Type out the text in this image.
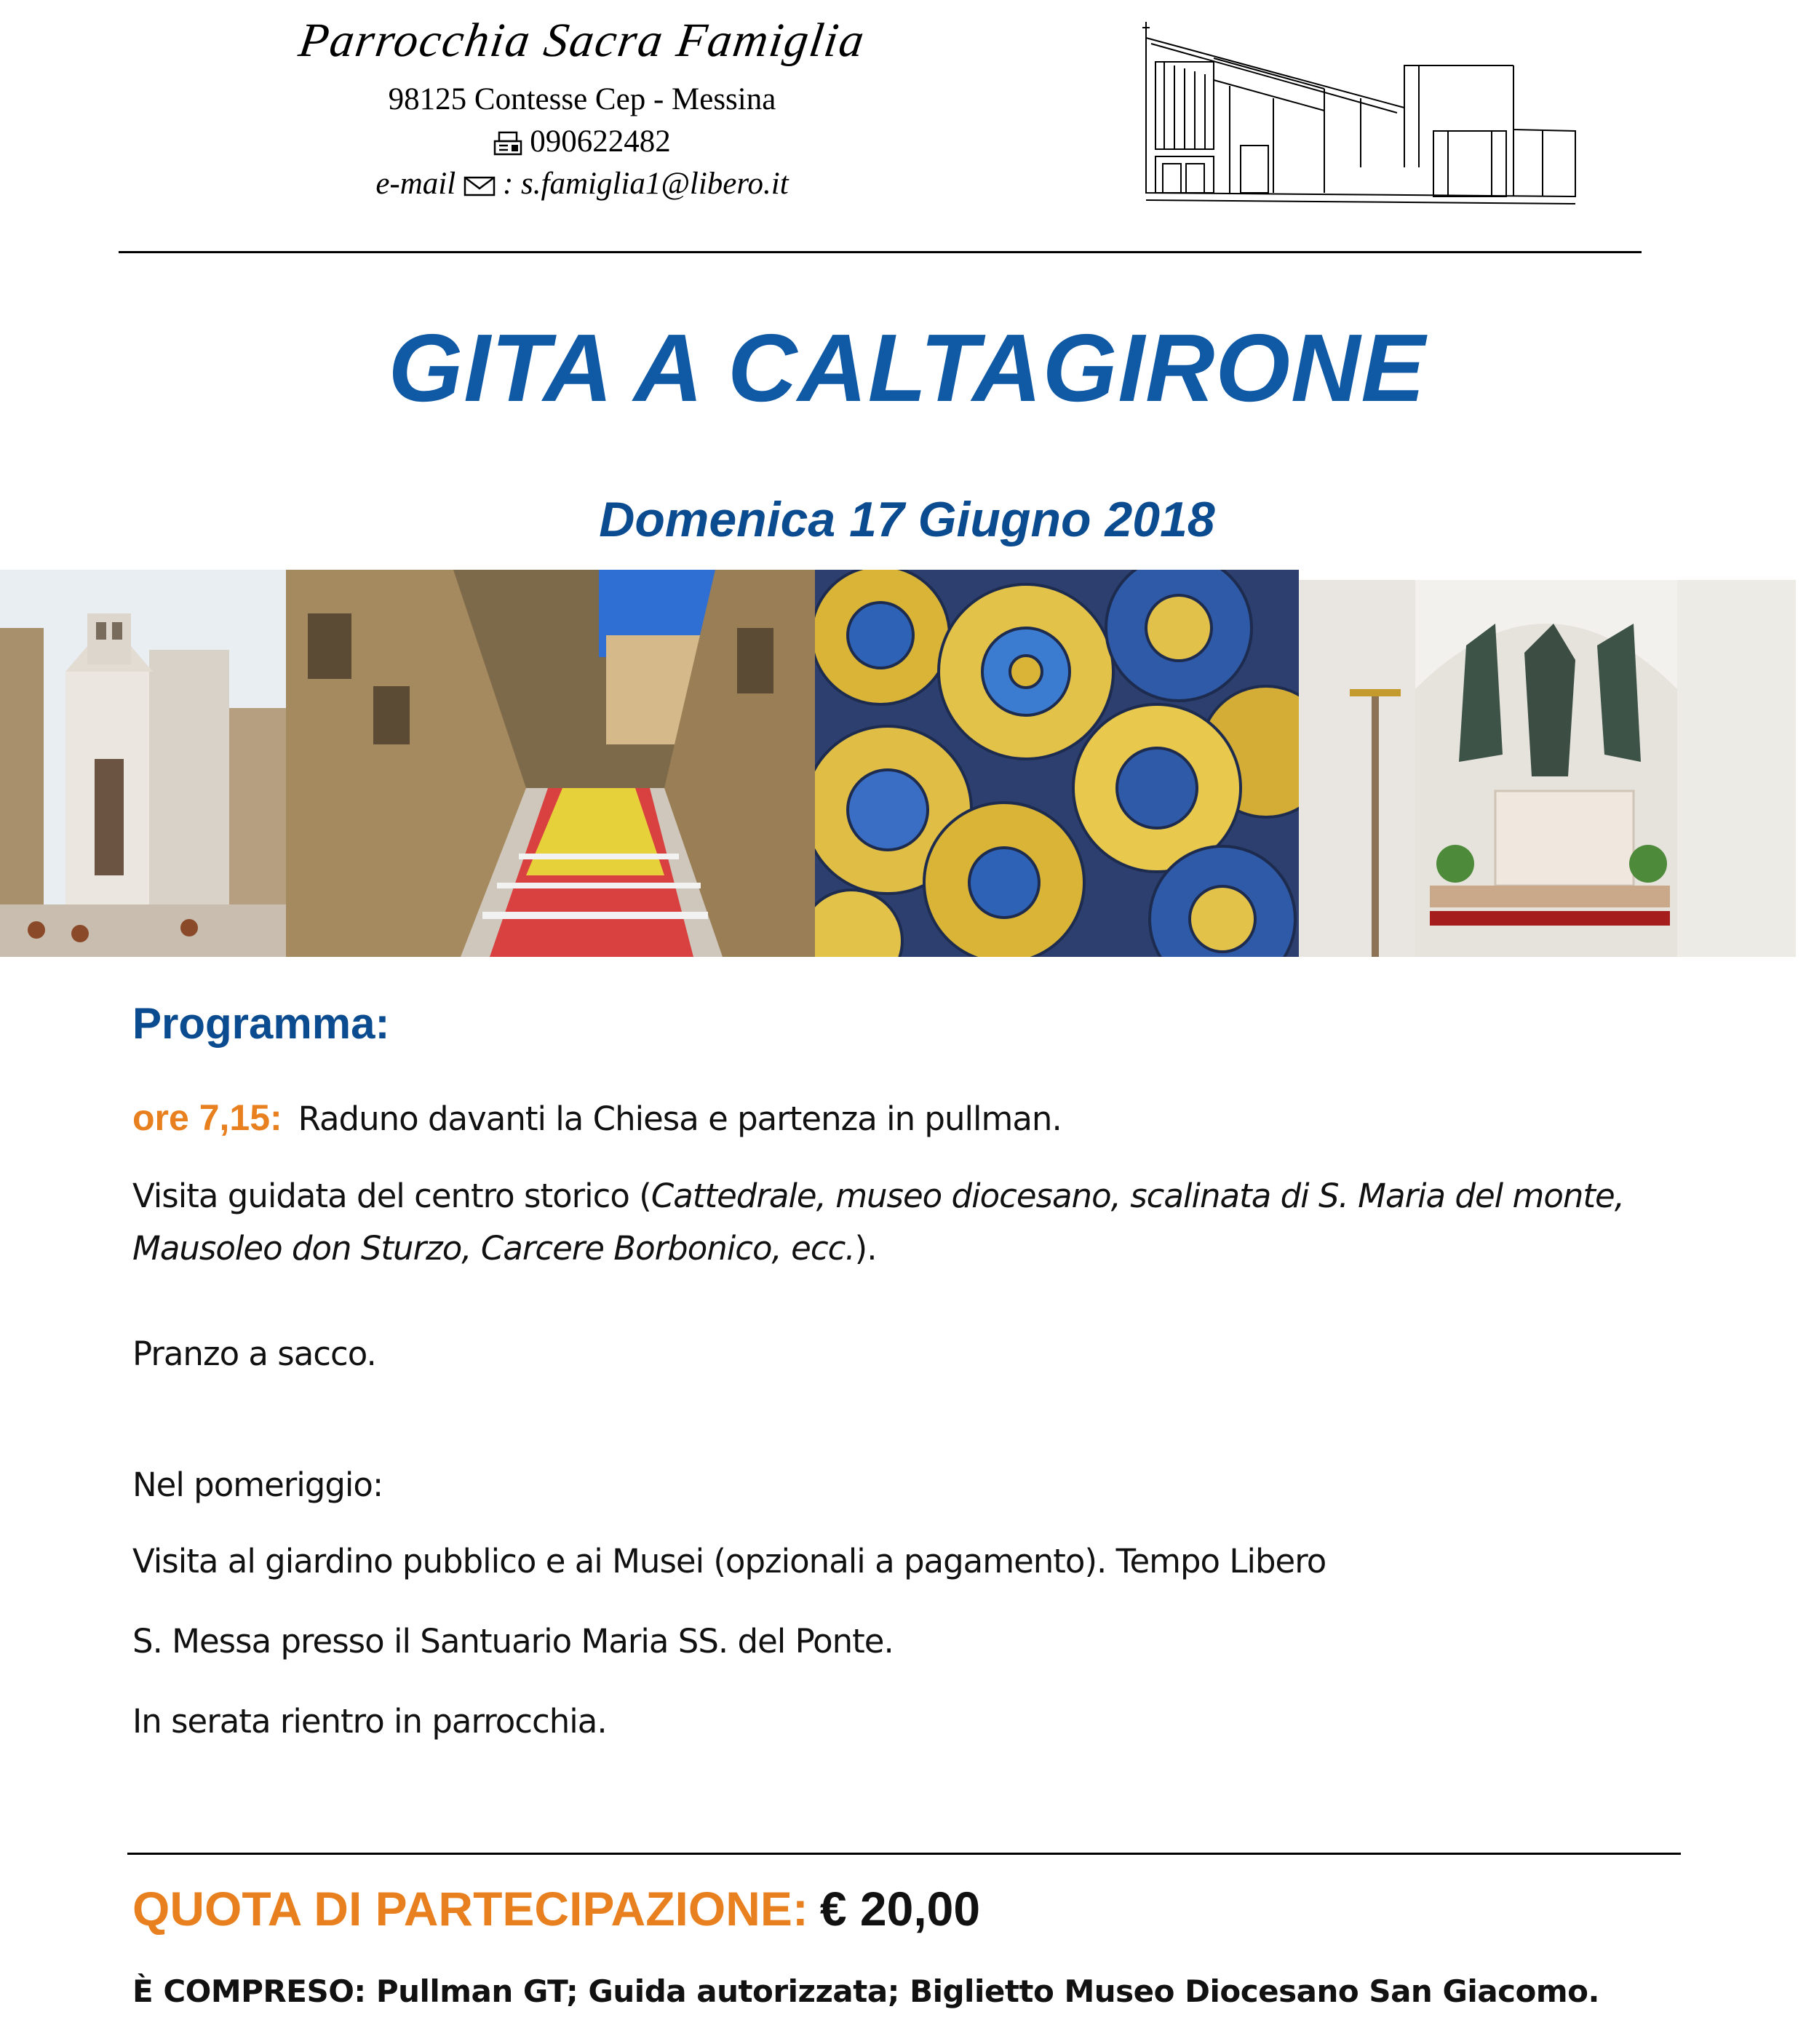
Parrocchia Sacra Famiglia
98125 Contesse Cep - Messina
090622482
e-mail : s.famiglia1@libero.it
GITA A CALTAGIRONE
Domenica 17 Giugno 2018
Programma:
ore 7,15: Raduno davanti la Chiesa e partenza in pullman.
Visita guidata del centro storico (Cattedrale, museo diocesano, scalinata di S. Maria del monte, Mausoleo don Sturzo, Carcere Borbonico, ecc.).
Pranzo a sacco.
Nel pomeriggio:
Visita al giardino pubblico e ai Musei (opzionali a pagamento). Tempo Libero
S. Messa presso il Santuario Maria SS. del Ponte.
In serata rientro in parrocchia.
QUOTA DI PARTECIPAZIONE: € 20,00
È COMPRESO: Pullman GT; Guida autorizzata; Biglietto Museo Diocesano San Giacomo.
